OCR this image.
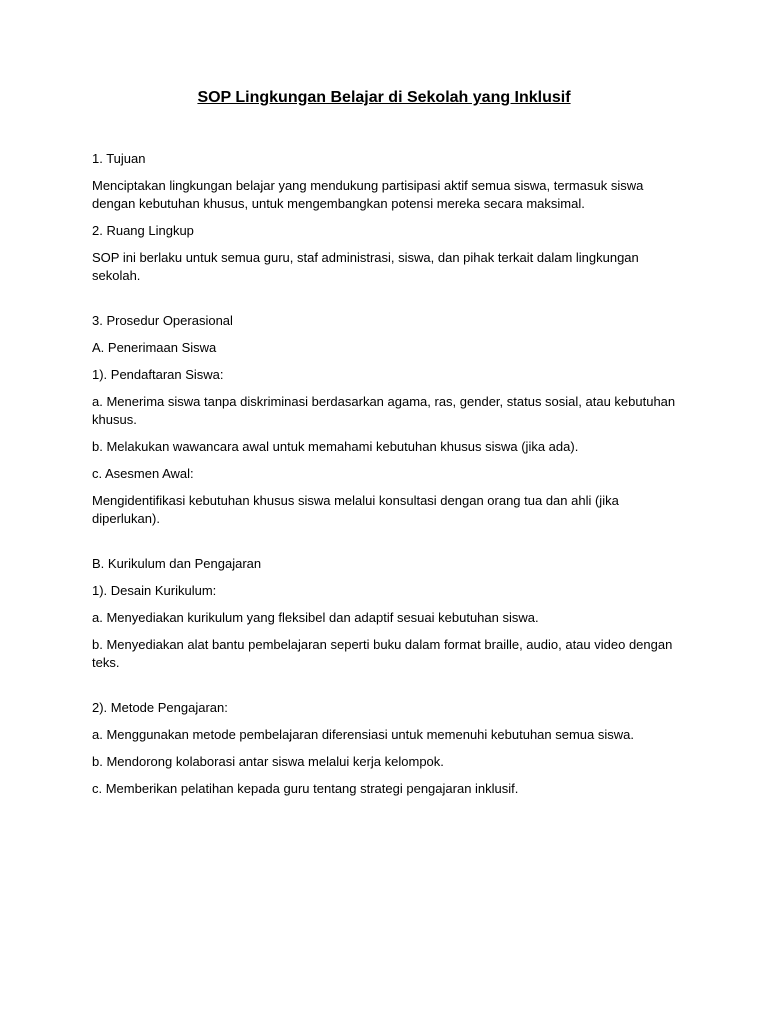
SOP Lingkungan Belajar di Sekolah yang Inklusif

1. Tujuan

Menciptakan lingkungan belajar yang mendukung partisipasi aktif semua siswa, termasuk siswa dengan kebutuhan khusus, untuk mengembangkan potensi mereka secara maksimal.

2. Ruang Lingkup

SOP ini berlaku untuk semua guru, staf administrasi, siswa, dan pihak terkait dalam lingkungan sekolah.

3. Prosedur Operasional

A. Penerimaan Siswa

1). Pendaftaran Siswa:

a. Menerima siswa tanpa diskriminasi berdasarkan agama, ras, gender, status sosial, atau kebutuhan khusus.

b. Melakukan wawancara awal untuk memahami kebutuhan khusus siswa (jika ada).

c. Asesmen Awal:

Mengidentifikasi kebutuhan khusus siswa melalui konsultasi dengan orang tua dan ahli (jika diperlukan).

B. Kurikulum dan Pengajaran

1). Desain Kurikulum:

a. Menyediakan kurikulum yang fleksibel dan adaptif sesuai kebutuhan siswa.

b. Menyediakan alat bantu pembelajaran seperti buku dalam format braille, audio, atau video dengan teks.

2). Metode Pengajaran:

a. Menggunakan metode pembelajaran diferensiasi untuk memenuhi kebutuhan semua siswa.

b. Mendorong kolaborasi antar siswa melalui kerja kelompok.

c. Memberikan pelatihan kepada guru tentang strategi pengajaran inklusif.
